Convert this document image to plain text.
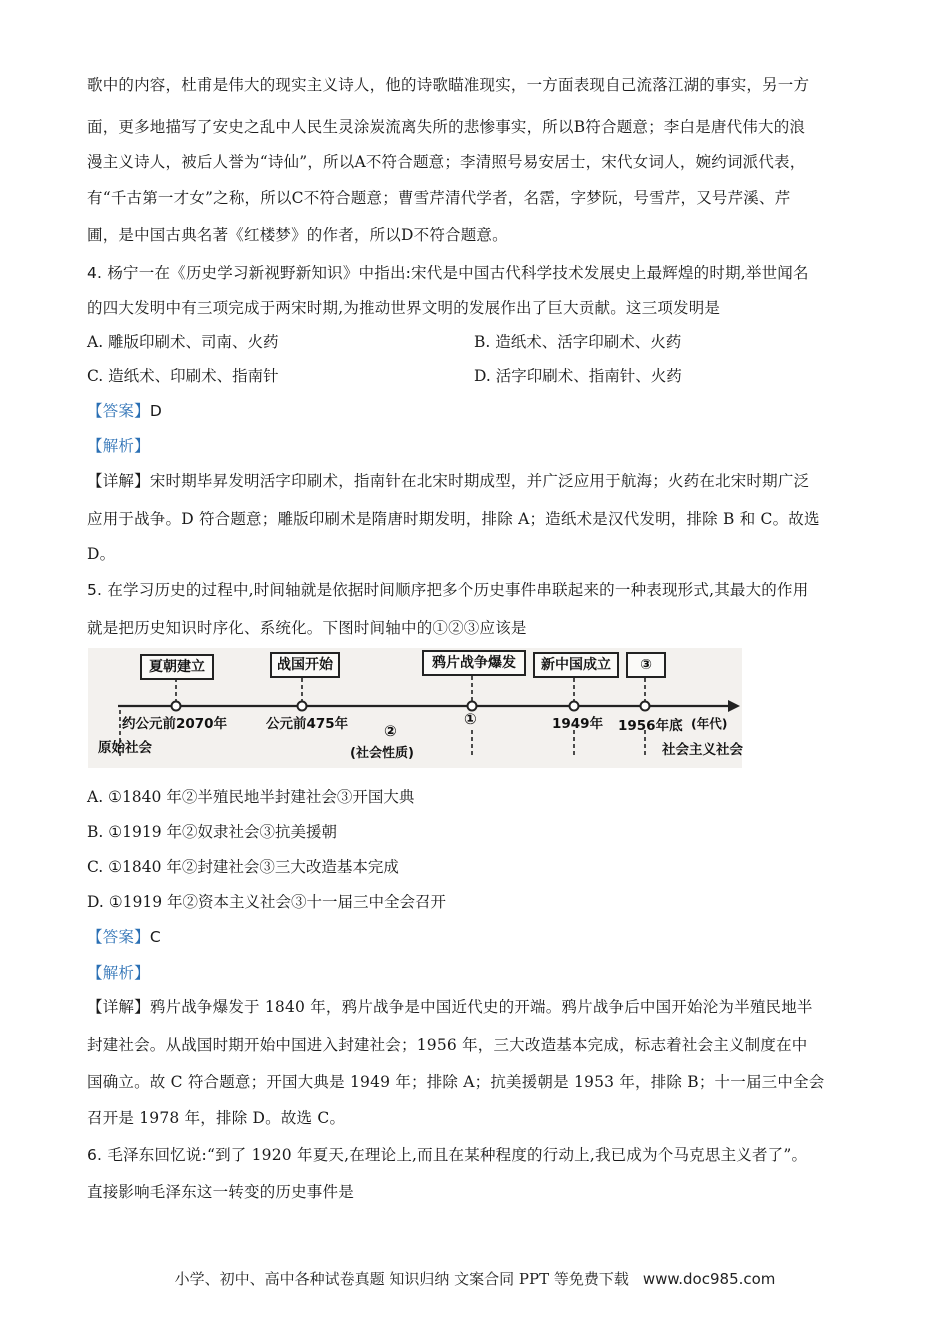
歌中的内容，杜甫是伟大的现实主义诗人，他的诗歌瞄准现实，一方面表现自己流落江湖的事实，另一方
面，更多地描写了安史之乱中人民生灵涂炭流离失所的悲惨事实，所以B符合题意；李白是唐代伟大的浪
漫主义诗人，被后人誉为“诗仙”，所以A不符合题意；李清照号易安居士，宋代女词人，婉约词派代表，
有“千古第一才女”之称，所以C不符合题意；曹雪芹清代学者，名霑，字梦阮，号雪芹，又号芹溪、芹
圃，是中国古典名著《红楼梦》的作者，所以D不符合题意。
4. 杨宁一在《历史学习新视野新知识》中指出:宋代是中国古代科学技术发展史上最辉煌的时期,举世闻名
的四大发明中有三项完成于两宋时期,为推动世界文明的发展作出了巨大贡献。这三项发明是
A. 雕版印刷术、司南、火药	B. 造纸术、活字印刷术、火药
C. 造纸术、印刷术、指南针	D. 活字印刷术、指南针、火药
【答案】D
【解析】
【详解】宋时期毕昇发明活字印刷术，指南针在北宋时期成型，并广泛应用于航海；火药在北宋时期广泛
应用于战争。D 符合题意；雕版印刷术是隋唐时期发明，排除 A；造纸术是汉代发明，排除 B 和 C。故选
D。
5. 在学习历史的过程中,时间轴就是依据时间顺序把多个历史事件串联起来的一种表现形式,其最大的作用
就是把历史知识时序化、系统化。下图时间轴中的①②③应该是
夏朝建立	战国开始	鸦片战争爆发	新中国成立	③
约公元前2070年	公元前475年	①	1949年 1956年底 (年代)
原始社会
②
(社会性质)	社会主义社会
A. ①1840 年②半殖民地半封建社会③开国大典
B. ①1919 年②奴隶社会③抗美援朝
C. ①1840 年②封建社会③三大改造基本完成
D. ①1919 年②资本主义社会③十一届三中全会召开
【答案】C
【解析】
【详解】鸦片战争爆发于 1840 年，鸦片战争是中国近代史的开端。鸦片战争后中国开始沦为半殖民地半
封建社会。从战国时期开始中国进入封建社会；1956 年，三大改造基本完成，标志着社会主义制度在中
国确立。故 C 符合题意；开国大典是 1949 年；排除 A；抗美援朝是 1953 年，排除 B；十一届三中全会
召开是 1978 年，排除 D。故选 C。
6. 毛泽东回忆说:“到了 1920 年夏天,在理论上,而且在某种程度的行动上,我已成为个马克思主义者了”。
直接影响毛泽东这一转变的历史事件是
小学、初中、高中各种试卷真题 知识归纳 文案合同 PPT 等免费下载 www.doc985.com
